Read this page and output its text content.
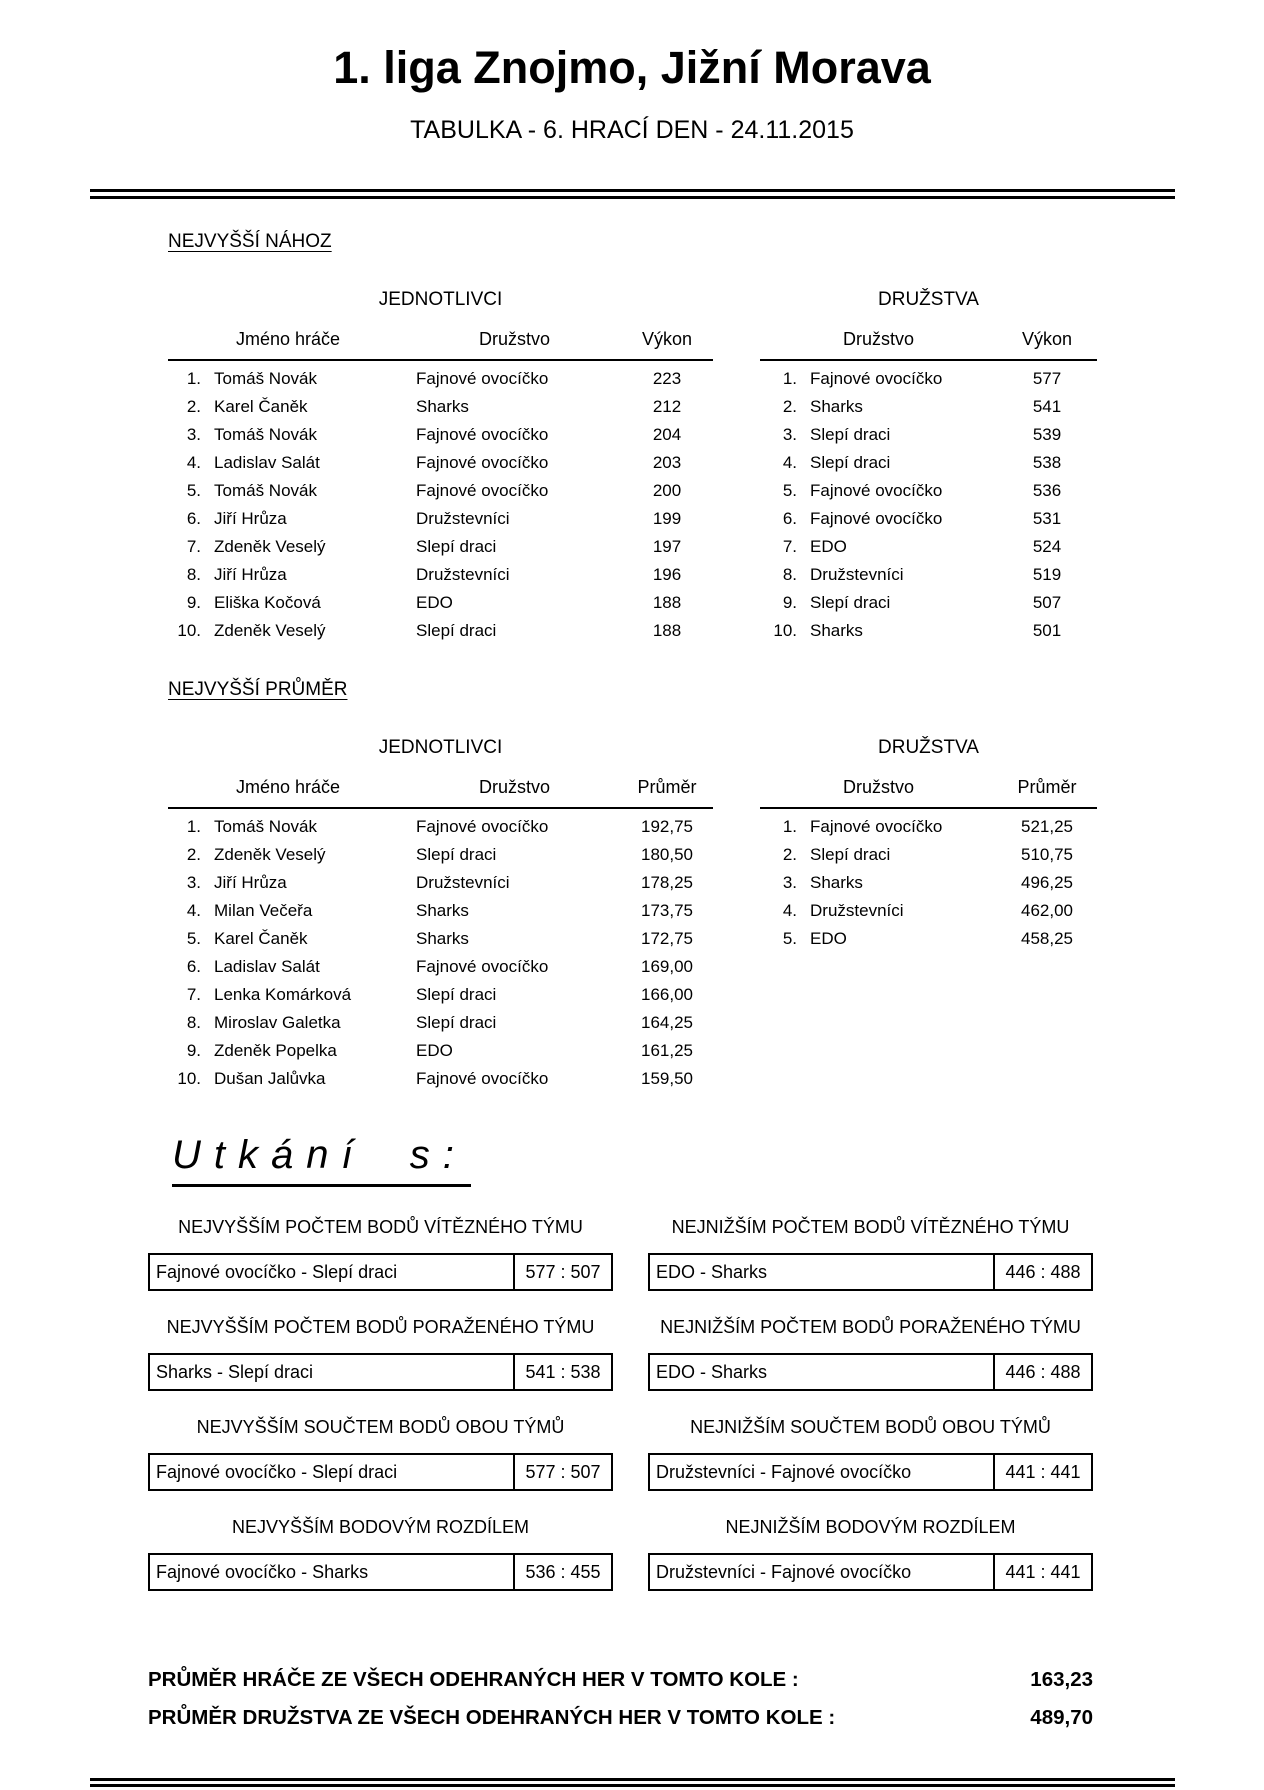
1. liga Znojmo, Jižní Morava
TABULKA - 6. HRACÍ DEN - 24.11.2015
NEJVYŠŠÍ NÁHOZ
JEDNOTLIVCI
Jméno hráče	Družstvo	Výkon
1. Tomáš Novák	Fajnové ovocíčko	223
2. Karel Čaněk	Sharks	212
3. Tomáš Novák	Fajnové ovocíčko	204
4. Ladislav Salát	Fajnové ovocíčko	203
5. Tomáš Novák	Fajnové ovocíčko	200
6. Jiří Hrůza	Družstevníci	199
7. Zdeněk Veselý	Slepí draci	197
8. Jiří Hrůza	Družstevníci	196
9. Eliška Kočová	EDO	188
10. Zdeněk Veselý	Slepí draci	188
DRUŽSTVA
Družstvo	Výkon
1. Fajnové ovocíčko	577
2. Sharks	541
3. Slepí draci	539
4. Slepí draci	538
5. Fajnové ovocíčko	536
6. Fajnové ovocíčko	531
7. EDO	524
8. Družstevníci	519
9. Slepí draci	507
10. Sharks	501
NEJVYŠŠÍ PRŮMĚR
JEDNOTLIVCI
Jméno hráče	Družstvo	Průměr
1. Tomáš Novák	Fajnové ovocíčko	192,75
2. Zdeněk Veselý	Slepí draci	180,50
3. Jiří Hrůza	Družstevníci	178,25
4. Milan Večeřa	Sharks	173,75
5. Karel Čaněk	Sharks	172,75
6. Ladislav Salát	Fajnové ovocíčko	169,00
7. Lenka Komárková	Slepí draci	166,00
8. Miroslav Galetka	Slepí draci	164,25
9. Zdeněk Popelka	EDO	161,25
10. Dušan Jalůvka	Fajnové ovocíčko	159,50
DRUŽSTVA
Družstvo	Průměr
1. Fajnové ovocíčko	521,25
2. Slepí draci	510,75
3. Sharks	496,25
4. Družstevníci	462,00
5. EDO	458,25
Utkání s:
NEJVYŠŠÍM POČTEM BODŮ VÍTĚZNÉHO TÝMU
Fajnové ovocíčko - Slepí draci	577 : 507
NEJNIŽŠÍM POČTEM BODŮ VÍTĚZNÉHO TÝMU
EDO - Sharks	446 : 488
NEJVYŠŠÍM POČTEM BODŮ PORAŽENÉHO TÝMU
Sharks - Slepí draci	541 : 538
NEJNIŽŠÍM POČTEM BODŮ PORAŽENÉHO TÝMU
EDO - Sharks	446 : 488
NEJVYŠŠÍM SOUČTEM BODŮ OBOU TÝMŮ
Fajnové ovocíčko - Slepí draci	577 : 507
NEJNIŽŠÍM SOUČTEM BODŮ OBOU TÝMŮ
Družstevníci - Fajnové ovocíčko	441 : 441
NEJVYŠŠÍM BODOVÝM ROZDÍLEM
Fajnové ovocíčko - Sharks	536 : 455
NEJNIŽŠÍM BODOVÝM ROZDÍLEM
Družstevníci - Fajnové ovocíčko	441 : 441
PRŮMĚR HRÁČE ZE VŠECH ODEHRANÝCH HER V TOMTO KOLE :	163,23
PRŮMĚR DRUŽSTVA ZE VŠECH ODEHRANÝCH HER V TOMTO KOLE :	489,70
